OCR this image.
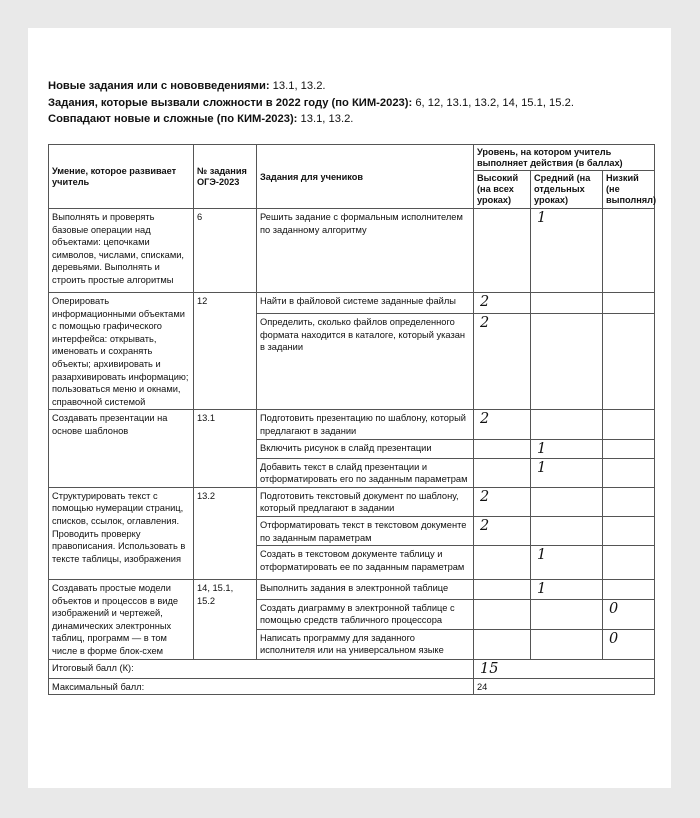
Новые задания или с нововведениями: 13.1, 13.2.
Задания, которые вызвали сложности в 2022 году (по КИМ-2023): 6, 12, 13.1, 13.2, 14, 15.1, 15.2.
Совпадают новые и сложные (по КИМ-2023): 13.1, 13.2.
Умение, которое развивает учитель	№ задания ОГЭ-2023	Задания для учеников	Уровень, на котором учитель выполняет действия (в баллах)		
			Высокий (на всех уроках)	Средний (на отдельных уроках)	Низкий (не выполнял)
Выполнять и проверять базовые операции над объектами: цепочками символов, числами, списками, деревьями. Выполнять и строить простые алгоритмы	6	Решить задание с формальным исполнителем по заданному алгоритму		1	
Оперировать информационными объектами с помощью графического интерфейса: открывать, именовать и сохранять объекты; архивировать и разархивировать информацию; пользоваться меню и окнами, справочной системой	12	Найти в файловой системе заданные файлы	2		
		Определить, сколько файлов определенного формата находится в каталоге, который указан в задании	2		
Создавать презентации на основе шаблонов	13.1	Подготовить презентацию по шаблону, который предлагают в задании	2		
		Включить рисунок в слайд презентации		1	
		Добавить текст в слайд презентации и отформатировать его по заданным параметрам		1	
Структурировать текст с помощью нумерации страниц, списков, ссылок, оглавления. Проводить проверку правописания. Использовать в тексте таблицы, изображения	13.2	Подготовить текстовый документ по шаблону, который предлагают в задании	2		
		Отформатировать текст в текстовом документе по заданным параметрам	2		
		Создать в текстовом документе таблицу и отформатировать ее по заданным параметрам		1	
Создавать простые модели объектов и процессов в виде изображений и чертежей, динамических электронных таблиц, программ — в том числе в форме блок-схем	14, 15.1, 15.2	Выполнить задания в электронной таблице		1	
		Создать диаграмму в электронной таблице с помощью средств табличного процессора			0
		Написать программу для заданного исполнителя или на универсальном языке			0
Итоговый балл (К):			15		
Максимальный балл:			24		
